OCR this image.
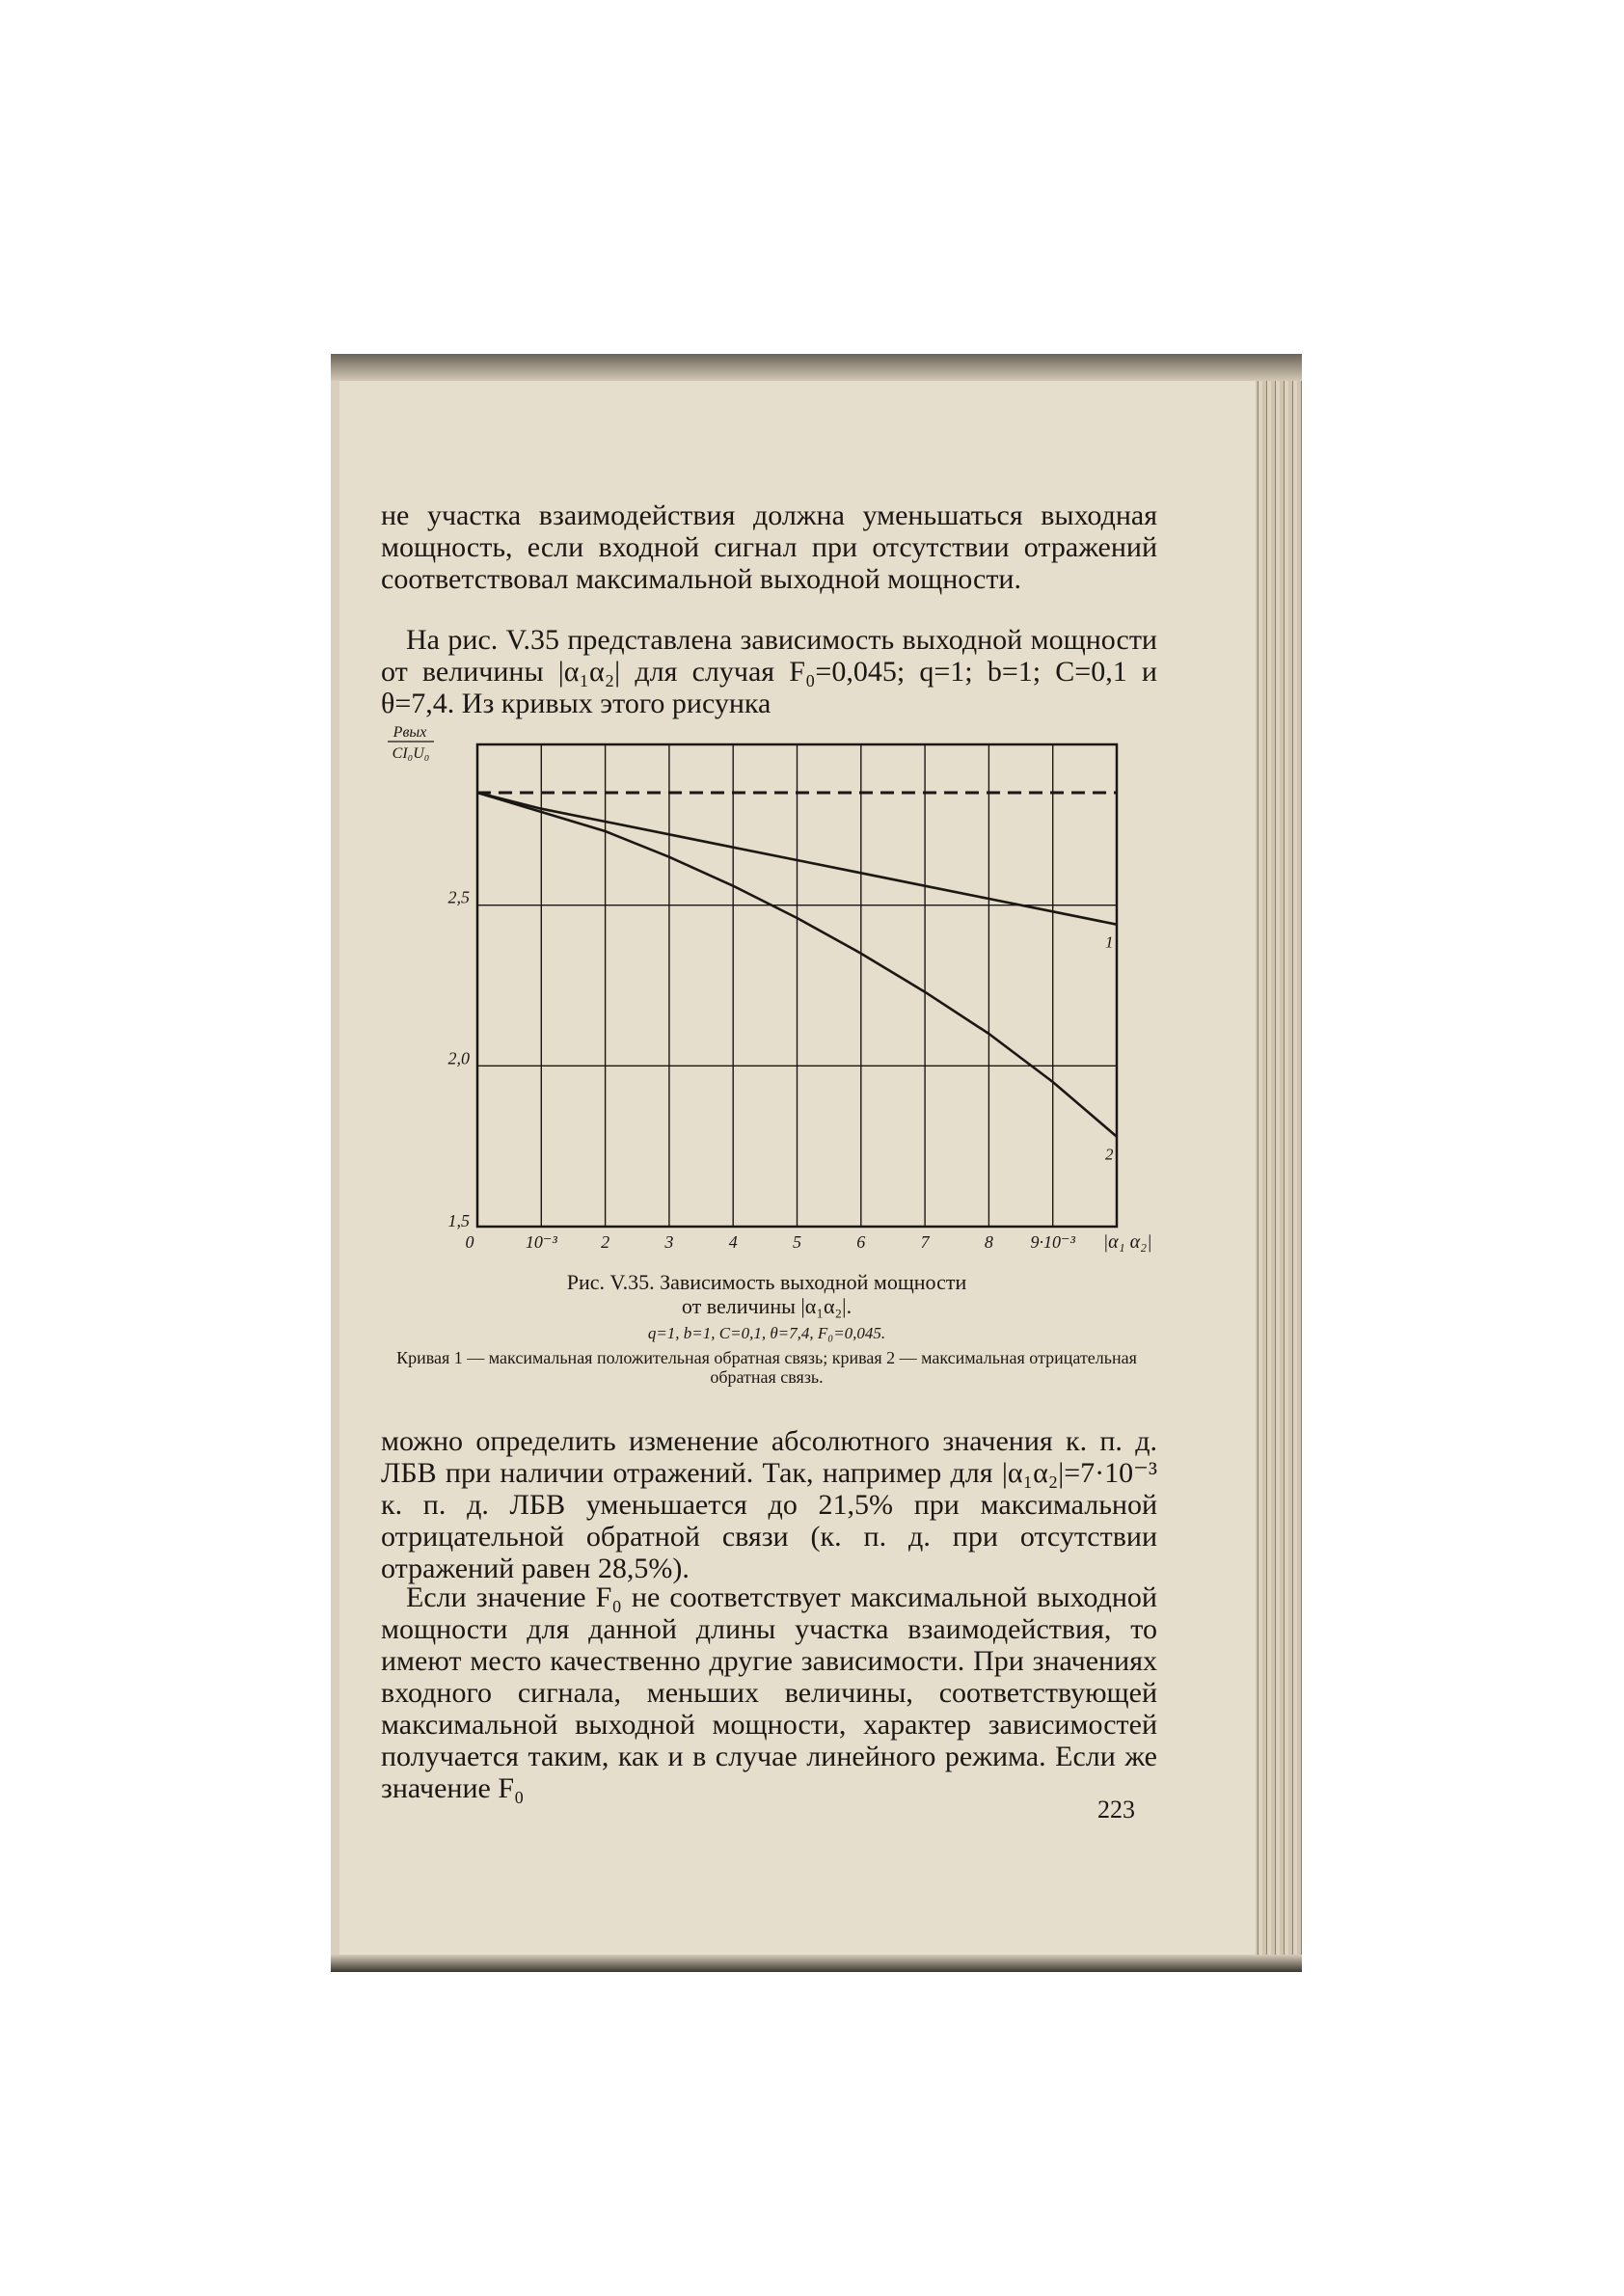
не участка взаимодействия должна уменьшаться выходная мощность, если входной сигнал при отсутствии отражений соответствовал максимальной выходной мощности.

На рис. V.35 представлена зависимость выходной мощности от величины |α₁α₂| для случая F₀=0,045; q=1; b=1; C=0,1 и θ=7,4. Из кривых этого рисунка

1
2
2,5
2,0
1,5
0	10⁻³	2	3	4	5	6	7	8 9·10⁻³ |α₁ α₂|
Pвых
CI₀U₀
Рис. V.35. Зависимость выходной мощности
от величины |α₁α₂|.
q=1, b=1, C=0,1, θ=7,4, F₀=0,045.
Кривая 1 — максимальная положительная обратная связь; кривая 2 — максимальная отрицательная обратная связь.

можно определить изменение абсолютного значения к. п. д. ЛБВ при наличии отражений. Так, например для |α₁α₂|=7·10⁻³ к. п. д. ЛБВ уменьшается до 21,5% при максимальной отрицательной обратной связи (к. п. д. при отсутствии отражений равен 28,5%).

Если значение F₀ не соответствует максимальной выходной мощности для данной длины участка взаимодействия, то имеют место качественно другие зависимости. При значениях входного сигнала, меньших величины, соответствующей максимальной выходной мощности, характер зависимостей получается таким, как и в случае линейного режима. Если же значение F₀

223
